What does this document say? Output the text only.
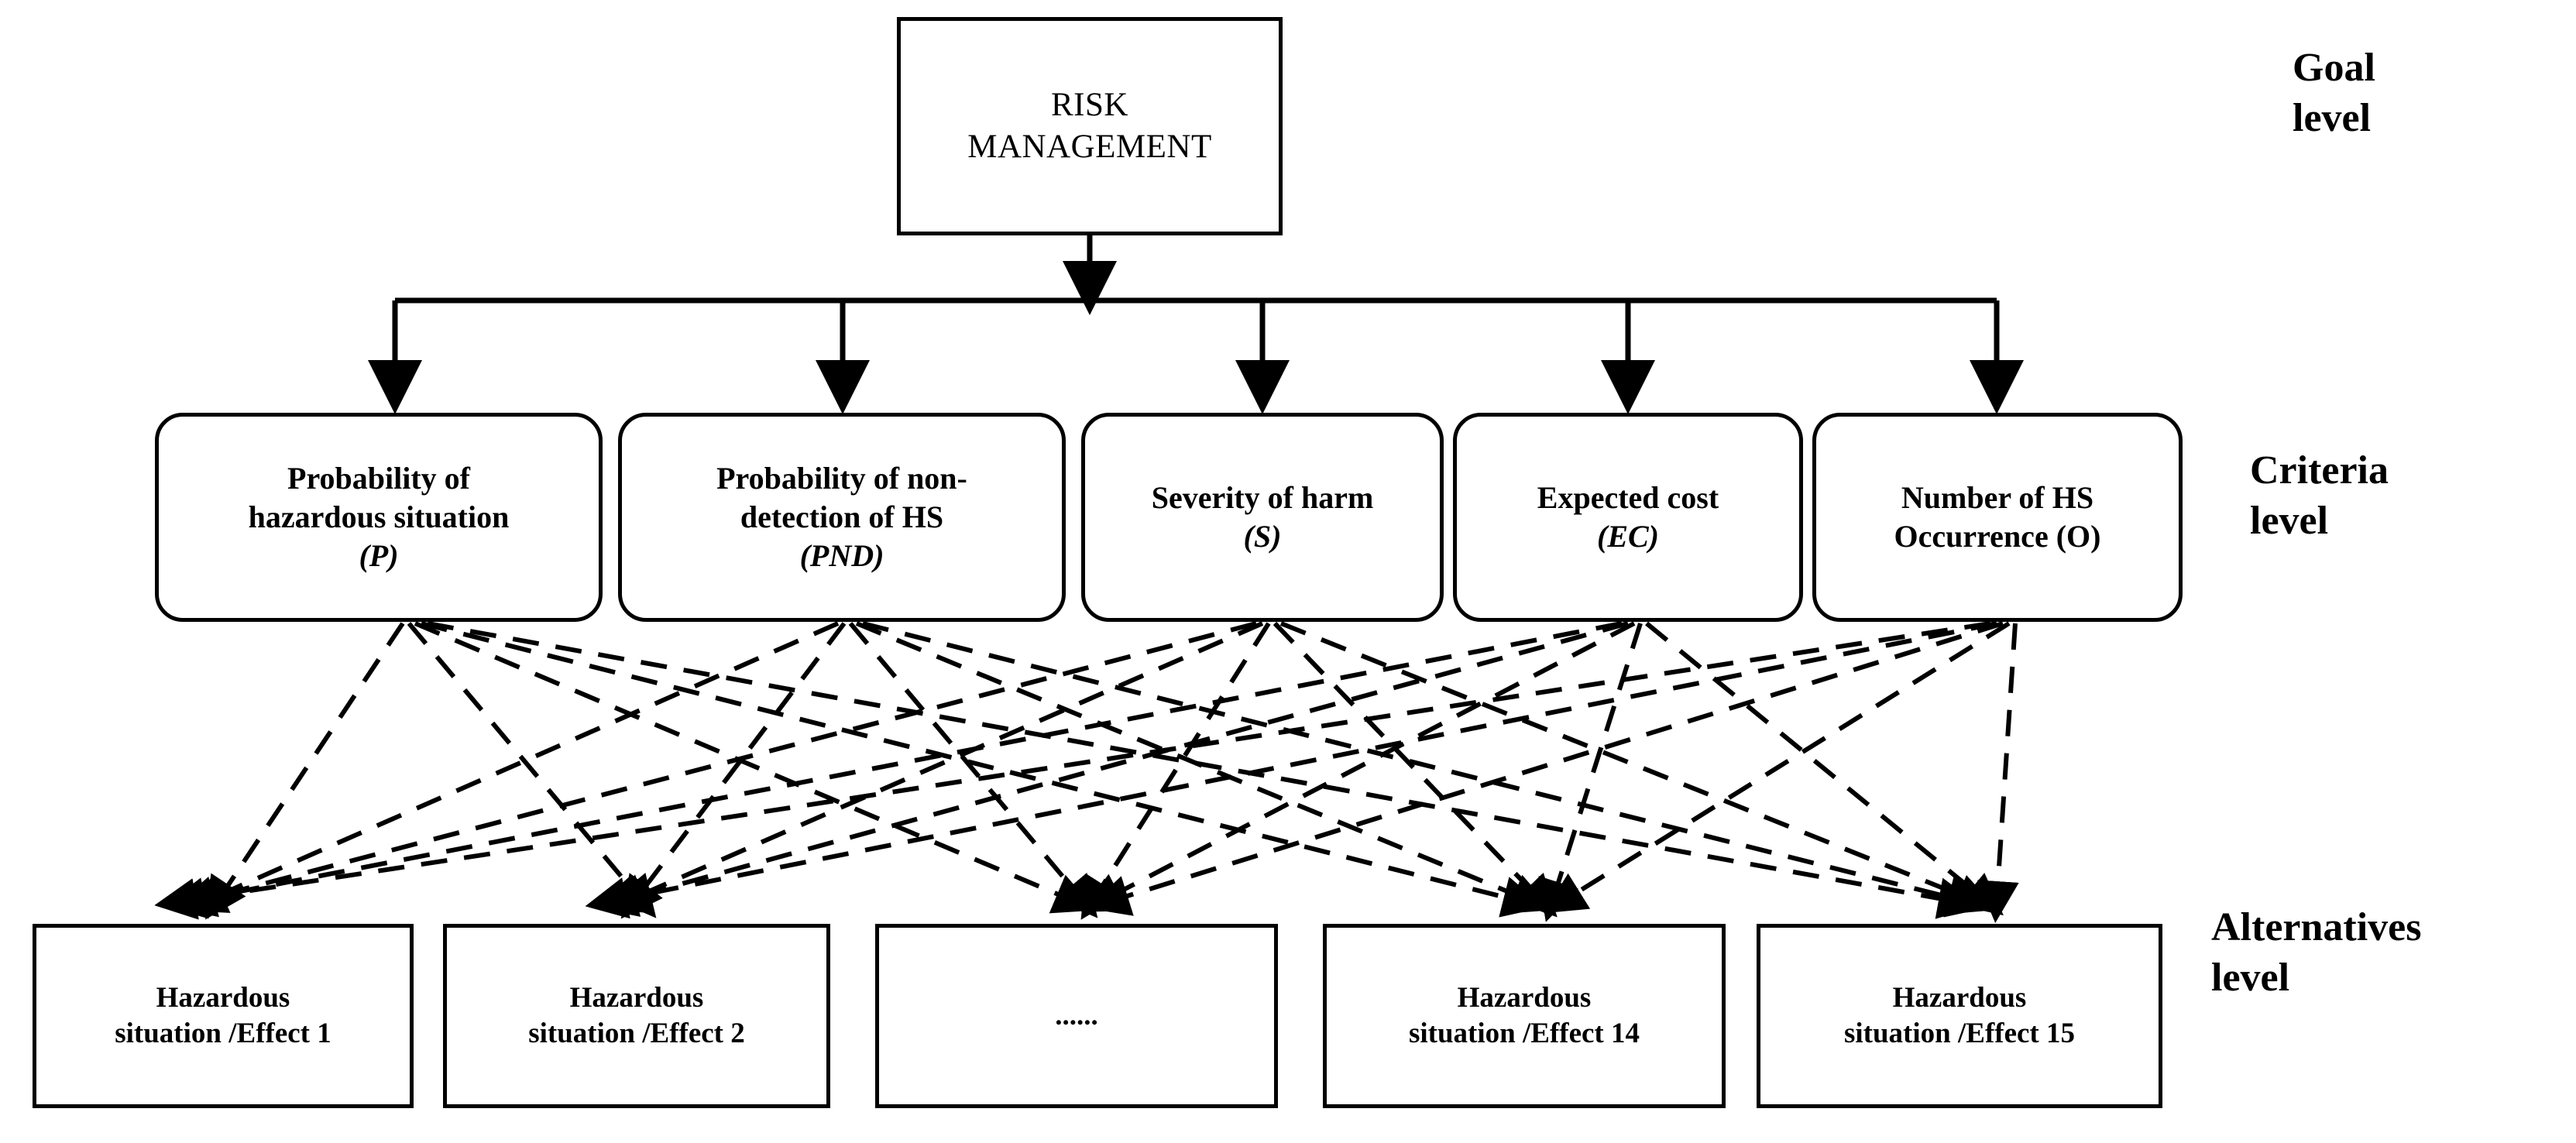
RISK
MANAGEMENT
Probability of
hazardous situation
(P)
Probability of non-
detection of HS
(PND)
Severity of harm
(S)
Expected cost
(EC)
Number of HS
Occurrence (O)
Hazardous
situation /Effect 1
Hazardous
situation /Effect 2
......
Hazardous
situation /Effect 14
Hazardous
situation /Effect 15
Goal
level
Criteria
level
Alternatives
level
